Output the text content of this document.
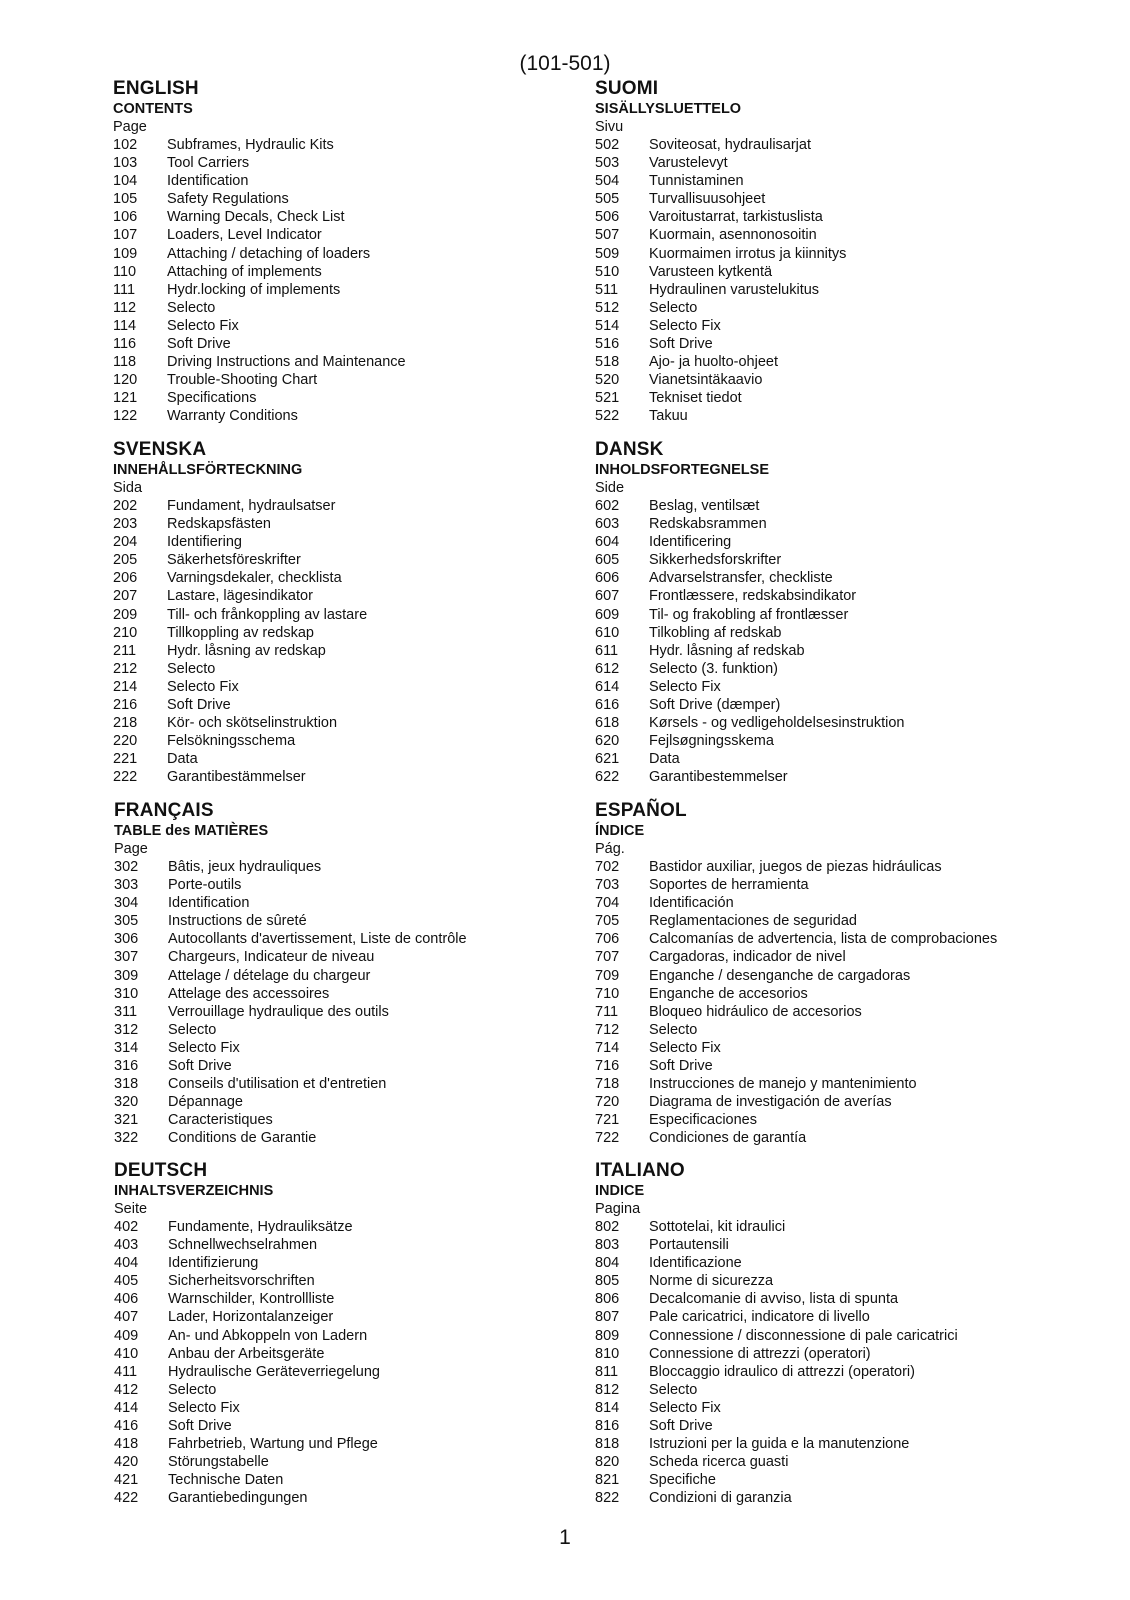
(101-501)
ENGLISH
CONTENTS
Page
102	Subframes, Hydraulic Kits
103	Tool Carriers
104	Identification
105	Safety Regulations
106	Warning Decals, Check List
107	Loaders, Level Indicator
109	Attaching / detaching of loaders
110	Attaching of implements
111	Hydr.locking of implements
112	Selecto
114	Selecto Fix
116	Soft Drive
118	Driving Instructions and Maintenance
120	Trouble-Shooting Chart
121	Specifications
122	Warranty Conditions
SUOMI
SISÄLLYSLUETTELO
Sivu
502	Soviteosat, hydraulisarjat
503	Varustelevyt
504	Tunnistaminen
505	Turvallisuusohjeet
506	Varoitustarrat, tarkistuslista
507	Kuormain, asennonosoitin
509	Kuormaimen irrotus ja kiinnitys
510	Varusteen kytkentä
511	Hydraulinen varustelukitus
512	Selecto
514	Selecto Fix
516	Soft Drive
518	Ajo- ja huolto-ohjeet
520	Vianetsintäkaavio
521	Tekniset tiedot
522	Takuu
SVENSKA
INNEHÅLLSFÖRTECKNING
Sida
202	Fundament, hydraulsatser
203	Redskapsfästen
204	Identifiering
205	Säkerhetsföreskrifter
206	Varningsdekaler, checklista
207	Lastare, lägesindikator
209	Till- och frånkoppling av lastare
210	Tillkoppling av redskap
211	Hydr. låsning av redskap
212	Selecto
214	Selecto Fix
216	Soft Drive
218	Kör- och skötselinstruktion
220	Felsökningsschema
221	Data
222	Garantibestämmelser
DANSK
INHOLDSFORTEGNELSE
Side
602	Beslag, ventilsæt
603	Redskabsrammen
604	Identificering
605	Sikkerhedsforskrifter
606	Advarselstransfer, checkliste
607	Frontlæssere, redskabsindikator
609	Til- og frakobling af frontlæsser
610	Tilkobling af redskab
611	Hydr. låsning af redskab
612	Selecto (3. funktion)
614	Selecto Fix
616	Soft Drive (dæmper)
618	Kørsels - og vedligeholdelsesinstruktion
620	Fejlsøgningsskema
621	Data
622	Garantibestemmelser
FRANÇAIS
TABLE des MATIÈRES
Page
302	Bâtis, jeux hydrauliques
303	Porte-outils
304	Identification
305	Instructions de sûreté
306	Autocollants d'avertissement, Liste de contrôle
307	Chargeurs, Indicateur de niveau
309	Attelage / dételage du chargeur
310	Attelage des accessoires
311	Verrouillage hydraulique des outils
312	Selecto
314	Selecto Fix
316	Soft Drive
318	Conseils d'utilisation et d'entretien
320	Dépannage
321	Caracteristiques
322	Conditions de Garantie
ESPAÑOL
ÍNDICE
Pág.
702	Bastidor auxiliar, juegos de piezas hidráulicas
703	Soportes de herramienta
704	Identificación
705	Reglamentaciones de seguridad
706	Calcomanías de advertencia, lista de comprobaciones
707	Cargadoras, indicador de nivel
709	Enganche / desenganche de cargadoras
710	Enganche de accesorios
711	Bloqueo hidráulico de accesorios
712	Selecto
714	Selecto Fix
716	Soft Drive
718	Instrucciones de manejo y mantenimiento
720	Diagrama de investigación de averías
721	Especificaciones
722	Condiciones de garantía
DEUTSCH
INHALTSVERZEICHNIS
Seite
402	Fundamente, Hydrauliksätze
403	Schnellwechselrahmen
404	Identifizierung
405	Sicherheitsvorschriften
406	Warnschilder, Kontrollliste
407	Lader, Horizontalanzeiger
409	An- und Abkoppeln von Ladern
410	Anbau der Arbeitsgeräte
411	Hydraulische Geräteverriegelung
412	Selecto
414	Selecto Fix
416	Soft Drive
418	Fahrbetrieb, Wartung und Pflege
420	Störungstabelle
421	Technische Daten
422	Garantiebedingungen
ITALIANO
INDICE
Pagina
802	Sottotelai, kit idraulici
803	Portautensili
804	Identificazione
805	Norme di sicurezza
806	Decalcomanie di avviso, lista di spunta
807	Pale caricatrici, indicatore di livello
809	Connessione / disconnessione di pale caricatrici
810	Connessione di attrezzi (operatori)
811	Bloccaggio idraulico di attrezzi (operatori)
812	Selecto
814	Selecto Fix
816	Soft Drive
818	Istruzioni per la guida e la manutenzione
820	Scheda ricerca guasti
821	Specifiche
822	Condizioni di garanzia
1
